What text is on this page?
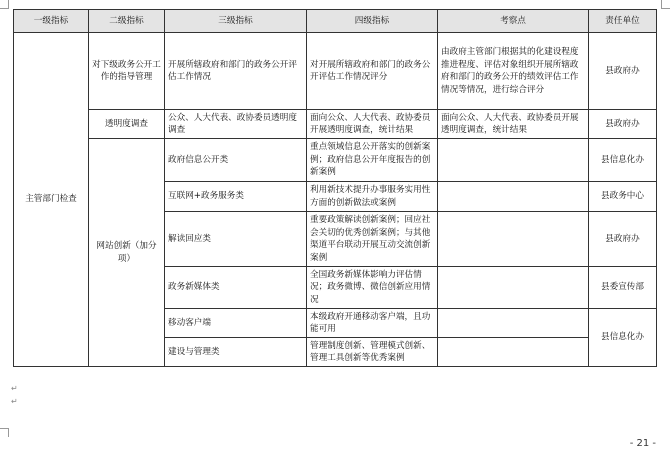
一级指标	二级指标	三级指标	四级指标	考察点	责任单位
主管部门检查	对下级政务公开工作的指导管理	开展所辖政府和部门的政务公开评估工作情况	对开展所辖政府和部门的政务公开评估工作情况评分	由政府主管部门根据其的化建设程度推进程度、评估对象组织开展所辖政府和部门的政务公开的绩效评估工作情况等情况，进行综合评分	县政府办
	透明度调查	公众、人大代表、政协委员透明度调查	面向公众、人大代表、政协委员开展透明度调查，统计结果	面向公众、人大代表、政协委员开展透明度调查，统计结果	县政府办
	网站创新（加分项）	政府信息公开类	重点领域信息公开落实的创新案例；政府信息公开年度报告的创新案例		县信息化办
		互联网+政务服务类	利用新技术提升办事服务实用性方面的创新做法或案例		县政务中心
		解读回应类	重要政策解读创新案例；回应社会关切的优秀创新案例；与其他渠道平台联动开展互动交流创新案例		县政府办
		政务新媒体类	全国政务新媒体影响力评估情况；政务微博、微信创新应用情况		县委宣传部
		移动客户端	本级政府开通移动客户端，且功能可用		县信息化办
		建设与管理类	管理制度创新、管理模式创新、管理工具创新等优秀案例		
↵
↵
- 21 -
